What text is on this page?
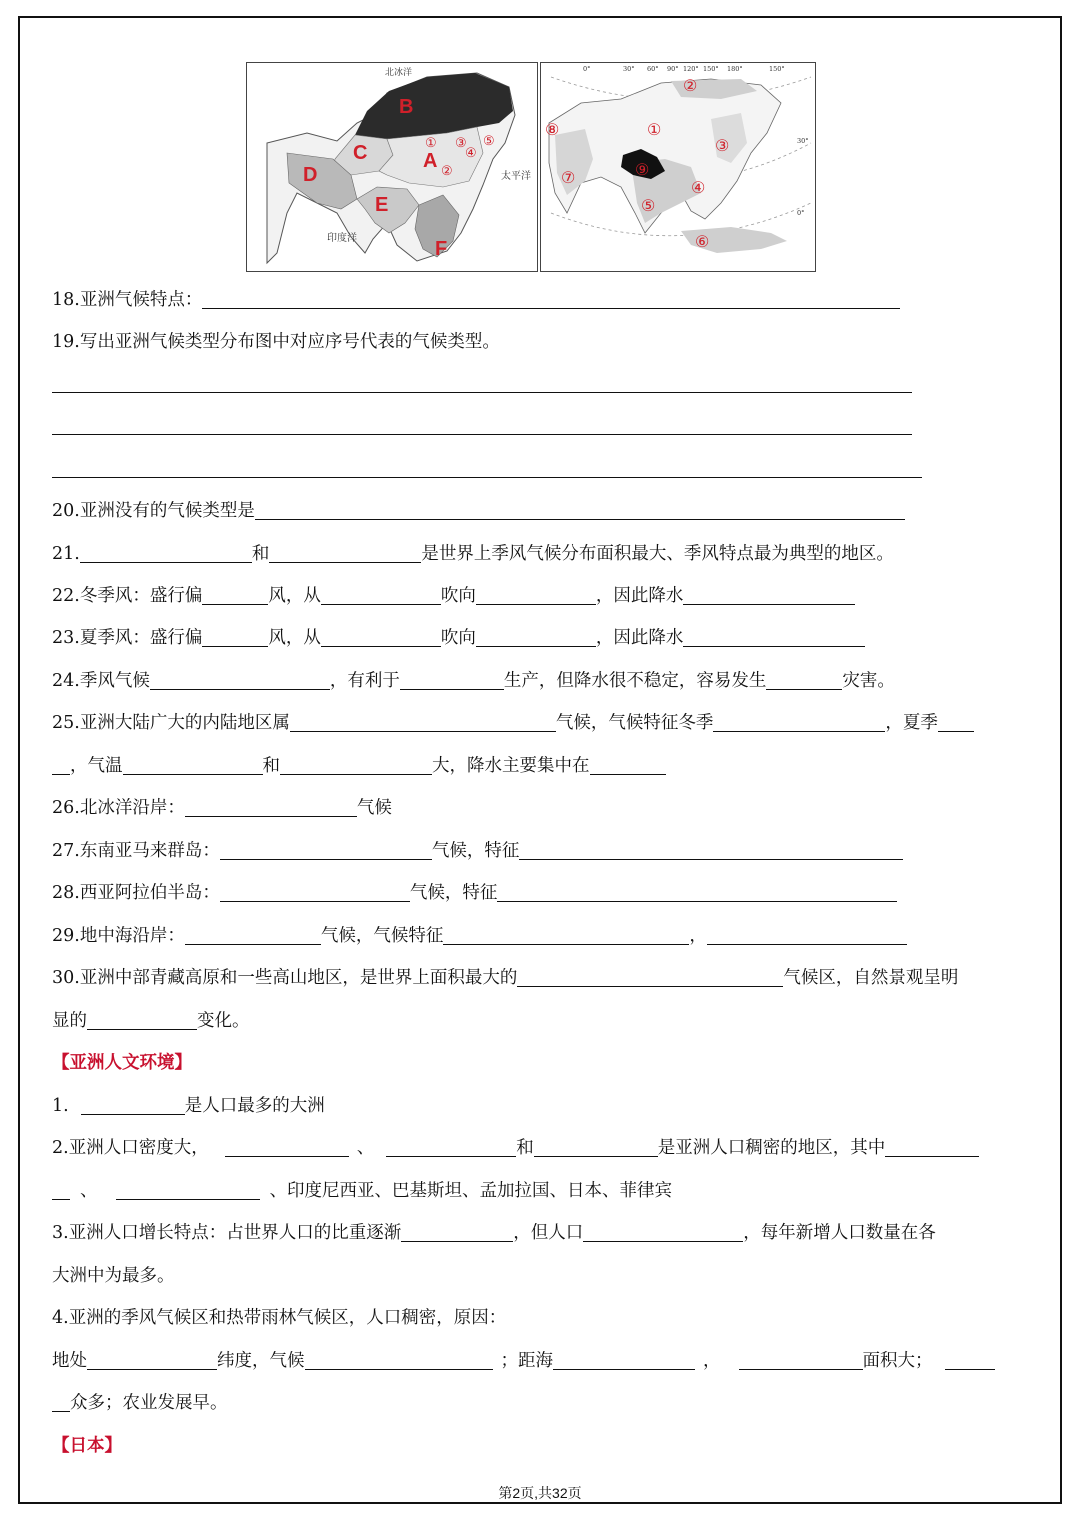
B
C	A
D
E
F
①
②
③
④
⑤
北冰洋
太平洋
印度洋
0°	30° 60° 90° 120° 150° 180°	150°
30°
0°
①
②
③
④
⑤
⑥
⑦
⑧
⑨
18.亚洲气候特点：
19.写出亚洲气候类型分布图中对应序号代表的气候类型。
20.亚洲没有的气候类型是
21.	和	是世界上季风气候分布面积最大、季风特点最为典型的地区。
22.冬季风：盛行偏	风，从	吹向	，因此降水
23.夏季风：盛行偏	风，从	吹向	，因此降水
24.季风气候	，有利于	生产，但降水很不稳定，容易发生	灾害。
25.亚洲大陆广大的内陆地区属	气候，气候特征冬季	，夏季
，气温	和	大，降水主要集中在
26.北冰洋沿岸：	气候
27.东南亚马来群岛：	气候，特征
28.西亚阿拉伯半岛：	气候，特征
29.地中海沿岸：	气候，气候特征	，
30.亚洲中部青藏高原和一些高山地区，是世界上面积最大的	气候区，自然景观呈明
显的	变化。
【亚洲人文环境】
1.	是人口最多的大洲
2.亚洲人口密度大，	、	和	是亚洲人口稠密的地区，其中
、	、印度尼西亚、巴基斯坦、孟加拉国、日本、菲律宾
3.亚洲人口增长特点：占世界人口的比重逐渐	，但人口	，每年新增人口数量在各
大洲中为最多。
4.亚洲的季风气候区和热带雨林气候区，人口稠密，原因：
地处	纬度，气候	；距海	，	面积大；
众多；农业发展早。
【日本】
第2页,共32页
